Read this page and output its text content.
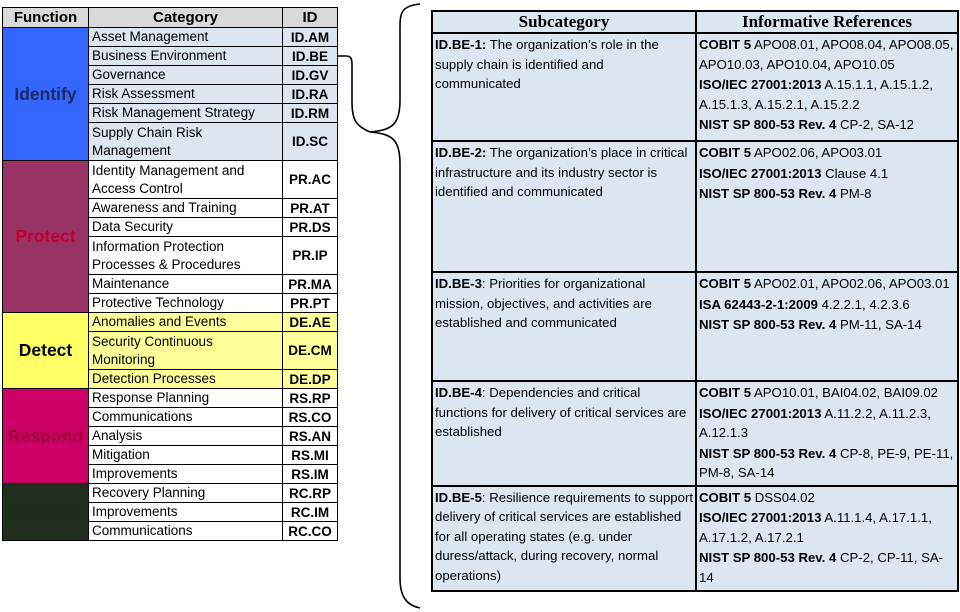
Function	Category	ID
Identify	Asset Management	ID.AM
	Business Environment	ID.BE
	Governance	ID.GV
	Risk Assessment	ID.RA
	Risk Management Strategy	ID.RM
	Supply Chain Risk Management	ID.SC
Protect	Identity Management and Access Control	PR.AC
	Awareness and Training	PR.AT
	Data Security	PR.DS
	Information Protection Processes & Procedures	PR.IP
	Maintenance	PR.MA
	Protective Technology	PR.PT
Detect	Anomalies and Events	DE.AE
	Security Continuous Monitoring	DE.CM
	Detection Processes	DE.DP
Respond	Response Planning	RS.RP
	Communications	RS.CO
	Analysis	RS.AN
	Mitigation	RS.MI
	Improvements	RS.IM
Recover	Recovery Planning	RC.RP
	Improvements	RC.IM
	Communications	RC.CO
Subcategory	Informative References
ID.BE-1: The organization’s role in the supply chain is identified and communicated	COBIT 5 APO08.01, APO08.04, APO08.05, APO10.03, APO10.04, APO10.05

ISO/IEC 27001:2013 A.15.1.1, A.15.1.2, A.15.1.3, A.15.2.1, A.15.2.2

NIST SP 800-53 Rev. 4 CP-2, SA-12

ID.BE-2: The organization’s place in critical infrastructure and its industry sector is identified and communicated	COBIT 5 APO02.06, APO03.01

ISO/IEC 27001:2013 Clause 4.1

NIST SP 800-53 Rev. 4 PM-8

ID.BE-3: Priorities for organizational mission, objectives, and activities are established and communicated	COBIT 5 APO02.01, APO02.06, APO03.01

ISA 62443-2-1:2009 4.2.2.1, 4.2.3.6

NIST SP 800-53 Rev. 4 PM-11, SA-14

ID.BE-4: Dependencies and critical functions for delivery of critical services are established	COBIT 5 APO10.01, BAI04.02, BAI09.02

ISO/IEC 27001:2013 A.11.2.2, A.11.2.3, A.12.1.3

NIST SP 800-53 Rev. 4 CP-8, PE-9, PE-11, PM-8, SA-14

ID.BE-5: Resilience requirements to support delivery of critical services are established for all operating states (e.g. under duress/attack, during recovery, normal operations)	COBIT 5 DSS04.02

ISO/IEC 27001:2013 A.11.1.4, A.17.1.1, A.17.1.2, A.17.2.1

NIST SP 800-53 Rev. 4 CP-2, CP-11, SA-14
